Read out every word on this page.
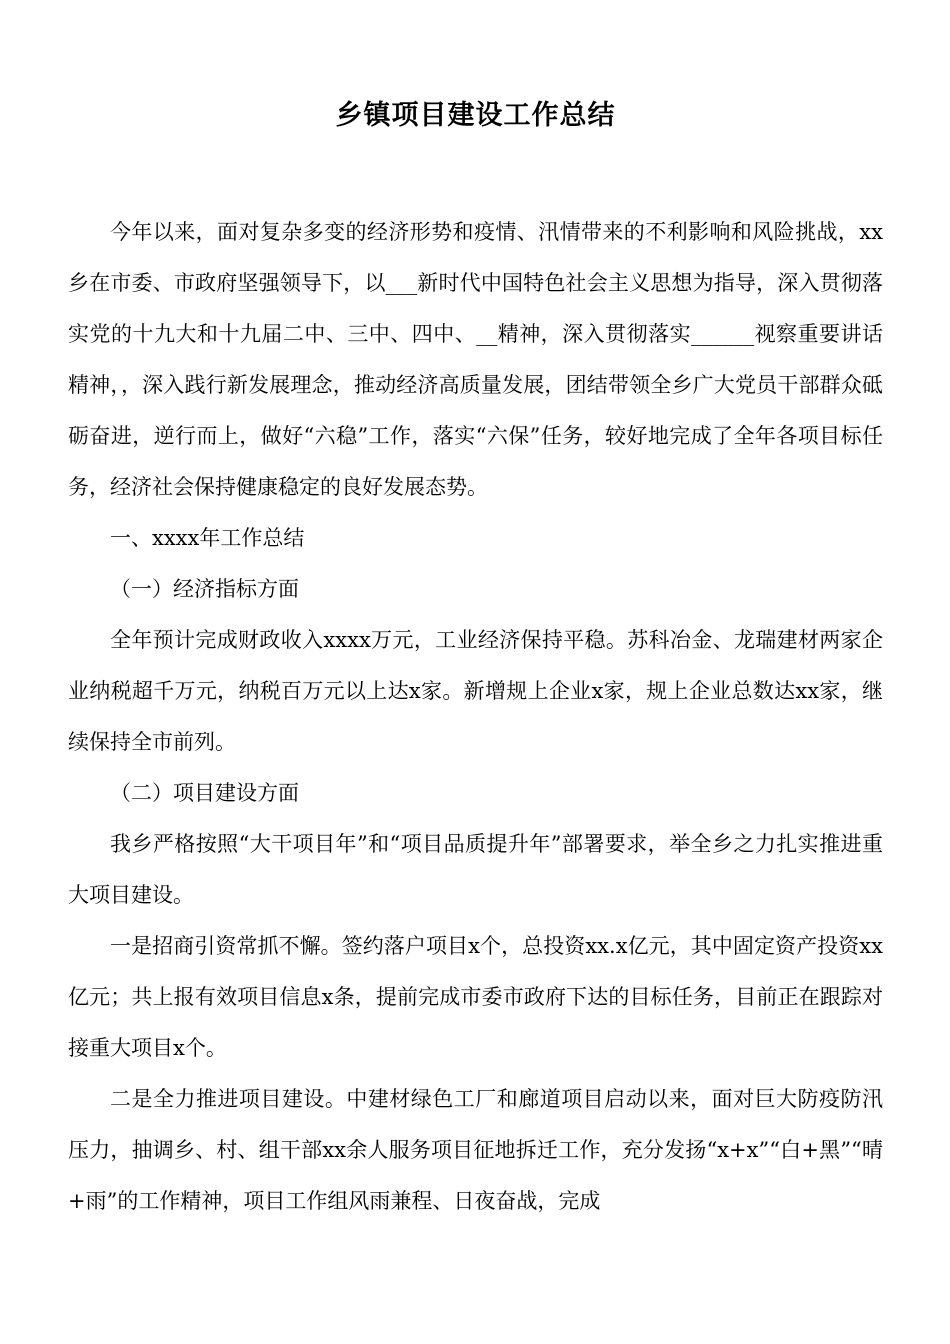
乡镇项目建设工作总结

今年以来，面对复杂多变的经济形势和疫情、汛情带来的不利影响和风险挑战，xx乡在市委、市政府坚强领导下，以___新时代中国特色社会主义思想为指导，深入贯彻落实党的十九大和十九届二中、三中、四中、__精神，深入贯彻落实______视察重要讲话精神，，深入践行新发展理念，推动经济高质量发展，团结带领全乡广大党员干部群众砥砺奋进，逆行而上，做好“六稳”工作，落实“六保”任务，较好地完成了全年各项目标任务，经济社会保持健康稳定的良好发展态势。

一、xxxx年工作总结

（一）经济指标方面

全年预计完成财政收入xxxx万元，工业经济保持平稳。苏科冶金、龙瑞建材两家企业纳税超千万元，纳税百万元以上达x家。新增规上企业x家，规上企业总数达xx家，继续保持全市前列。

（二）项目建设方面

我乡严格按照“大干项目年”和“项目品质提升年”部署要求，举全乡之力扎实推进重大项目建设。

一是招商引资常抓不懈。签约落户项目x个，总投资xx.x亿元，其中固定资产投资xx亿元；共上报有效项目信息x条，提前完成市委市政府下达的目标任务，目前正在跟踪对接重大项目x个。

二是全力推进项目建设。中建材绿色工厂和廊道项目启动以来，面对巨大防疫防汛压力，抽调乡、村、组干部xx余人服务项目征地拆迁工作，充分发扬“x+x”“白+黑”“晴+雨”的工作精神，项目工作组风雨兼程、日夜奋战，完成
